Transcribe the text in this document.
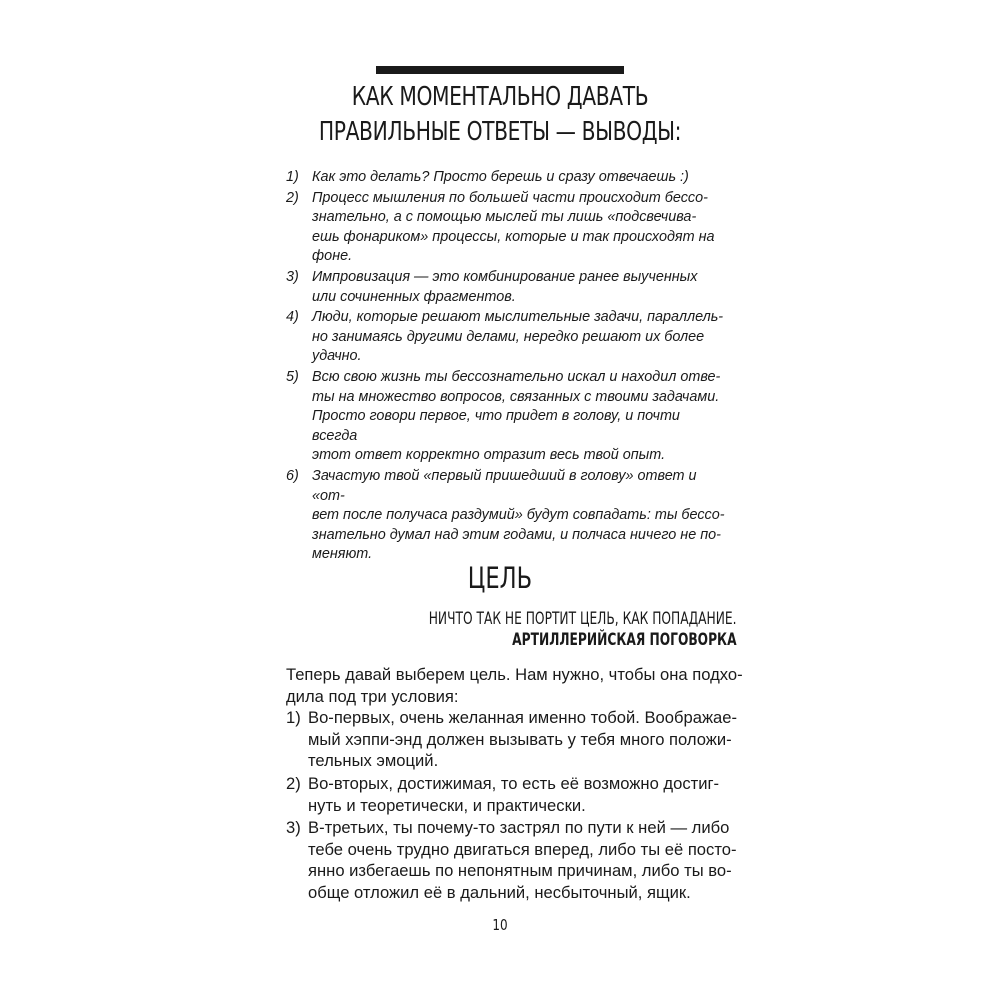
КАК МОМЕНТАЛЬНО ДАВАТЬ
ПРАВИЛЬНЫЕ ОТВЕТЫ — ВЫВОДЫ:
1) Как это делать? Просто берешь и сразу отвечаешь :)
2) Процесс мышления по большей части происходит бессо-
знательно, а с помощью мыслей ты лишь «подсвечива-
ешь фонариком» процессы, которые и так происходят на
фоне.
3) Импровизация — это комбинирование ранее выученных
или сочиненных фрагментов.
4) Люди, которые решают мыслительные задачи, параллель-
но занимаясь другими делами, нередко решают их более
удачно.
5) Всю свою жизнь ты бессознательно искал и находил отве-
ты на множество вопросов, связанных с твоими задачами.
Просто говори первое, что придет в голову, и почти всегда
этот ответ корректно отразит весь твой опыт.
6) Зачастую твой «первый пришедший в голову» ответ и «от-
вет после получаса раздумий» будут совпадать: ты бессо-
знательно думал над этим годами, и полчаса ничего не по-
меняют.
ЦЕЛЬ
НИЧТО ТАК НЕ ПОРТИТ ЦЕЛЬ, КАК ПОПАДАНИЕ.
АРТИЛЛЕРИЙСКАЯ ПОГОВОРКА

Теперь давай выберем цель. Нам нужно, чтобы она подхо-
дила под три условия:

1) Во-первых, очень желанная именно тобой. Воображае-
мый хэппи-энд должен вызывать у тебя много положи-
тельных эмоций.
2) Во-вторых, достижимая, то есть её возможно достиг-
нуть и теоретически, и практически.
3) В-третьих, ты почему-то застрял по пути к ней — либо
тебе очень трудно двигаться вперед, либо ты её посто-
янно избегаешь по непонятным причинам, либо ты во-
обще отложил её в дальний, несбыточный, ящик.
10
